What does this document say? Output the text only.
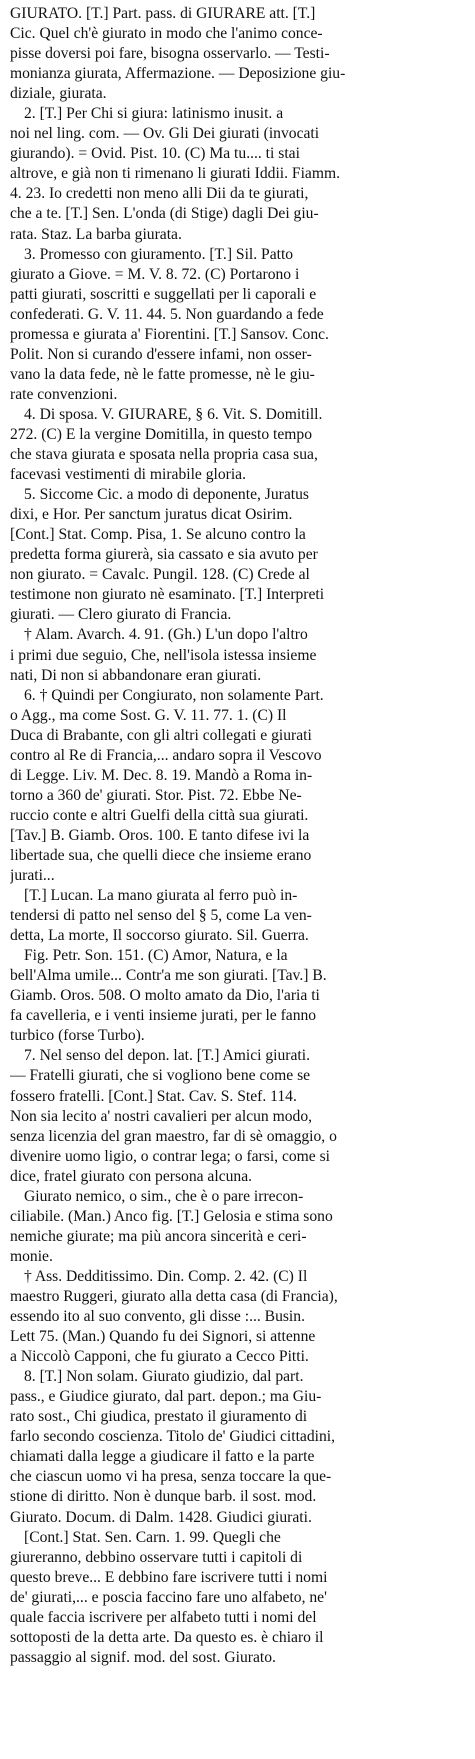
GIURATO. [T.] Part. pass. di GIURARE att. [T.]
Cic. Quel ch'è giurato in modo che l'animo conce-
pisse doversi poi fare, bisogna osservarlo. — Testi-
monianza giurata, Affermazione. — Deposizione giu-
diziale, giurata.
2. [T.] Per Chi si giura: latinismo inusit. a
noi nel ling. com. — Ov. Gli Dei giurati (invocati
giurando). = Ovid. Pist. 10. (C) Ma tu.... ti stai
altrove, e già non ti rimenano li giurati Iddii. Fiamm.
4. 23. Io credetti non meno alli Dii da te giurati,
che a te. [T.] Sen. L'onda (di Stige) dagli Dei giu-
rata. Staz. La barba giurata.
3. Promesso con giuramento. [T.] Sil. Patto
giurato a Giove. = M. V. 8. 72. (C) Portarono i
patti giurati, soscritti e suggellati per li caporali e
confederati. G. V. 11. 44. 5. Non guardando a fede
promessa e giurata a' Fiorentini. [T.] Sansov. Conc.
Polit. Non si curando d'essere infami, non osser-
vano la data fede, nè le fatte promesse, nè le giu-
rate convenzioni.
4. Di sposa. V. GIURARE, § 6. Vit. S. Domitill.
272. (C) E la vergine Domitilla, in questo tempo
che stava giurata e sposata nella propria casa sua,
facevasi vestimenti di mirabile gloria.
5. Siccome Cic. a modo di deponente, Juratus
dixi, e Hor. Per sanctum juratus dicat Osirim.
[Cont.] Stat. Comp. Pisa, 1. Se alcuno contro la
predetta forma giurerà, sia cassato e sia avuto per
non giurato. = Cavalc. Pungil. 128. (C) Crede al
testimone non giurato nè esaminato. [T.] Interpreti
giurati. — Clero giurato di Francia.
† Alam. Avarch. 4. 91. (Gh.) L'un dopo l'altro
i primi due seguio, Che, nell'isola istessa insieme
nati, Di non si abbandonare eran giurati.
6. † Quindi per Congiurato, non solamente Part.
o Agg., ma come Sost. G. V. 11. 77. 1. (C) Il
Duca di Brabante, con gli altri collegati e giurati
contro al Re di Francia,... andaro sopra il Vescovo
di Legge. Liv. M. Dec. 8. 19. Mandò a Roma in-
torno a 360 de' giurati. Stor. Pist. 72. Ebbe Ne-
ruccio conte e altri Guelfi della città sua giurati.
[Tav.] B. Giamb. Oros. 100. E tanto difese ivi la
libertade sua, che quelli diece che insieme erano
jurati...
[T.] Lucan. La mano giurata al ferro può in-
tendersi di patto nel senso del § 5, come La ven-
detta, La morte, Il soccorso giurato. Sil. Guerra.
Fig. Petr. Son. 151. (C) Amor, Natura, e la
bell'Alma umile... Contr'a me son giurati. [Tav.] B.
Giamb. Oros. 508. O molto amato da Dio, l'aria ti
fa cavelleria, e i venti insieme jurati, per le fanno
turbico (forse Turbo).
7. Nel senso del depon. lat. [T.] Amici giurati.
— Fratelli giurati, che si vogliono bene come se
fossero fratelli. [Cont.] Stat. Cav. S. Stef. 114.
Non sia lecito a' nostri cavalieri per alcun modo,
senza licenzia del gran maestro, far di sè omaggio, o
divenire uomo ligio, o contrar lega; o farsi, come si
dice, fratel giurato con persona alcuna.
Giurato nemico, o sim., che è o pare irrecon-
ciliabile. (Man.) Anco fig. [T.] Gelosia e stima sono
nemiche giurate; ma più ancora sincerità e ceri-
monie.
† Ass. Dedditissimo. Din. Comp. 2. 42. (C) Il
maestro Ruggeri, giurato alla detta casa (di Francia),
essendo ito al suo convento, gli disse :... Busin.
Lett 75. (Man.) Quando fu dei Signori, si attenne
a Niccolò Capponi, che fu giurato a Cecco Pitti.
8. [T.] Non solam. Giurato giudizio, dal part.
pass., e Giudice giurato, dal part. depon.; ma Giu-
rato sost., Chi giudica, prestato il giuramento di
farlo secondo coscienza. Titolo de' Giudici cittadini,
chiamati dalla legge a giudicare il fatto e la parte
che ciascun uomo vi ha presa, senza toccare la que-
stione di diritto. Non è dunque barb. il sost. mod.
Giurato. Docum. di Dalm. 1428. Giudici giurati.
[Cont.] Stat. Sen. Carn. 1. 99. Quegli che
giureranno, debbino osservare tutti i capitoli di
questo breve... E debbino fare iscrivere tutti i nomi
de' giurati,... e poscia faccino fare uno alfabeto, ne'
quale faccia iscrivere per alfabeto tutti i nomi del
sottoposti de la detta arte. Da questo es. è chiaro il
passaggio al signif. mod. del sost. Giurato.
